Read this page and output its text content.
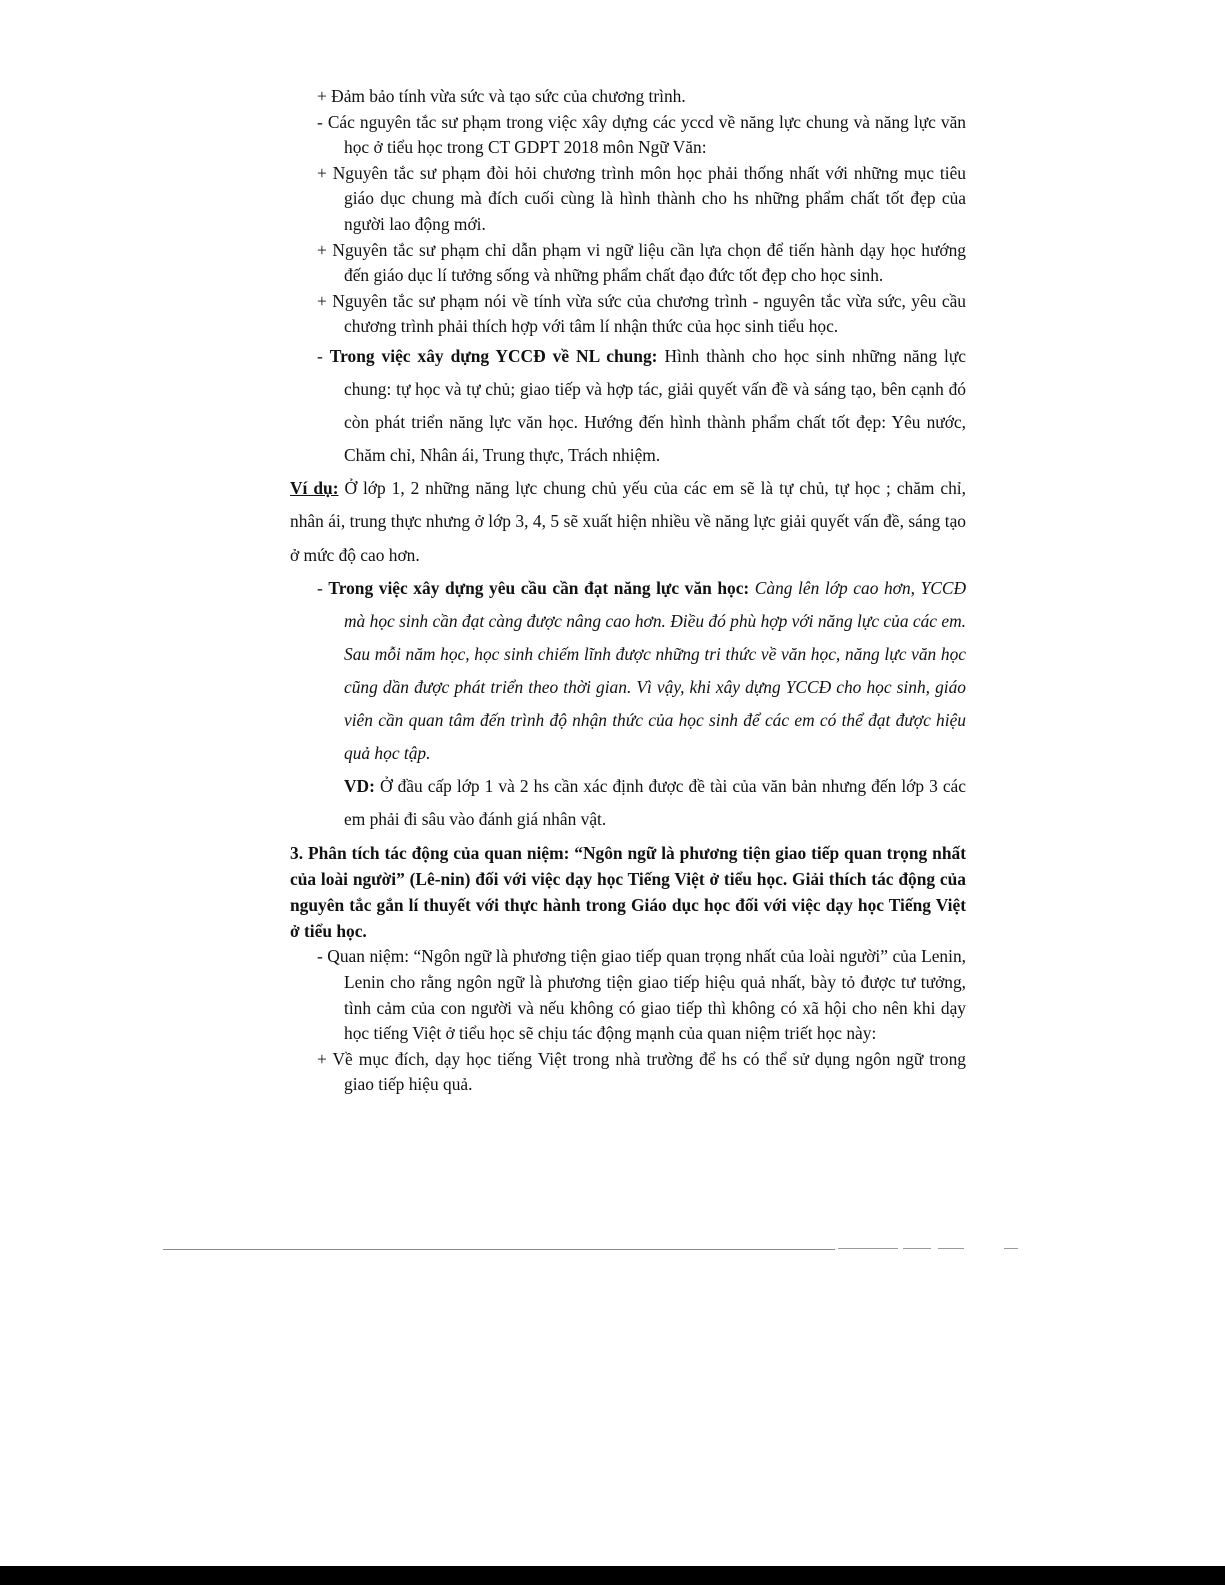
+ Đảm bảo tính vừa sức và tạo sức của chương trình.

- Các nguyên tắc sư phạm trong việc xây dựng các yccd về năng lực chung và năng lực văn học ở tiểu học trong CT GDPT 2018 môn Ngữ Văn:

+ Nguyên tắc sư phạm đòi hỏi chương trình môn học phải thống nhất với những mục tiêu giáo dục chung mà đích cuối cùng là hình thành cho hs những phẩm chất tốt đẹp của người lao động mới.

+ Nguyên tắc sư phạm chỉ dẫn phạm vi ngữ liệu cần lựa chọn để tiến hành dạy học hướng đến giáo dục lí tưởng sống và những phẩm chất đạo đức tốt đẹp cho học sinh.

+ Nguyên tắc sư phạm nói về tính vừa sức của chương trình - nguyên tắc vừa sức, yêu cầu chương trình phải thích hợp với tâm lí nhận thức của học sinh tiểu học.

- Trong việc xây dựng YCCĐ về NL chung: Hình thành cho học sinh những năng lực chung: tự học và tự chủ; giao tiếp và hợp tác, giải quyết vấn đề và sáng tạo, bên cạnh đó còn phát triển năng lực văn học. Hướng đến hình thành phẩm chất tốt đẹp: Yêu nước, Chăm chỉ, Nhân ái, Trung thực, Trách nhiệm.

Ví dụ: Ở lớp 1, 2 những năng lực chung chủ yếu của các em sẽ là tự chủ, tự học ; chăm chỉ, nhân ái, trung thực nhưng ở lớp 3, 4, 5 sẽ xuất hiện nhiều về năng lực giải quyết vấn đề, sáng tạo ở mức độ cao hơn.

- Trong việc xây dựng yêu cầu cần đạt năng lực văn học: Càng lên lớp cao hơn, YCCĐ mà học sinh cần đạt càng được nâng cao hơn. Điều đó phù hợp với năng lực của các em. Sau mỗi năm học, học sinh chiếm lĩnh được những tri thức về văn học, năng lực văn học cũng dần được phát triển theo thời gian. Vì vậy, khi xây dựng YCCĐ cho học sinh, giáo viên cần quan tâm đến trình độ nhận thức của học sinh để các em có thể đạt được hiệu quả học tập.

VD: Ở đầu cấp lớp 1 và 2 hs cần xác định được đề tài của văn bản nhưng đến lớp 3 các em phải đi sâu vào đánh giá nhân vật.

3. Phân tích tác động của quan niệm: “Ngôn ngữ là phương tiện giao tiếp quan trọng nhất của loài người” (Lê-nin) đối với việc dạy học Tiếng Việt ở tiểu học. Giải thích tác động của nguyên tắc gắn lí thuyết với thực hành trong Giáo dục học đối với việc dạy học Tiếng Việt ở tiểu học.

- Quan niệm: “Ngôn ngữ là phương tiện giao tiếp quan trọng nhất của loài người” của Lenin, Lenin cho rằng ngôn ngữ là phương tiện giao tiếp hiệu quả nhất, bày tỏ được tư tưởng, tình cảm của con người và nếu không có giao tiếp thì không có xã hội cho nên khi dạy học tiếng Việt ở tiểu học sẽ chịu tác động mạnh của quan niệm triết học này:

+ Về mục đích, dạy học tiếng Việt trong nhà trường để hs có thể sử dụng ngôn ngữ trong giao tiếp hiệu quả.
